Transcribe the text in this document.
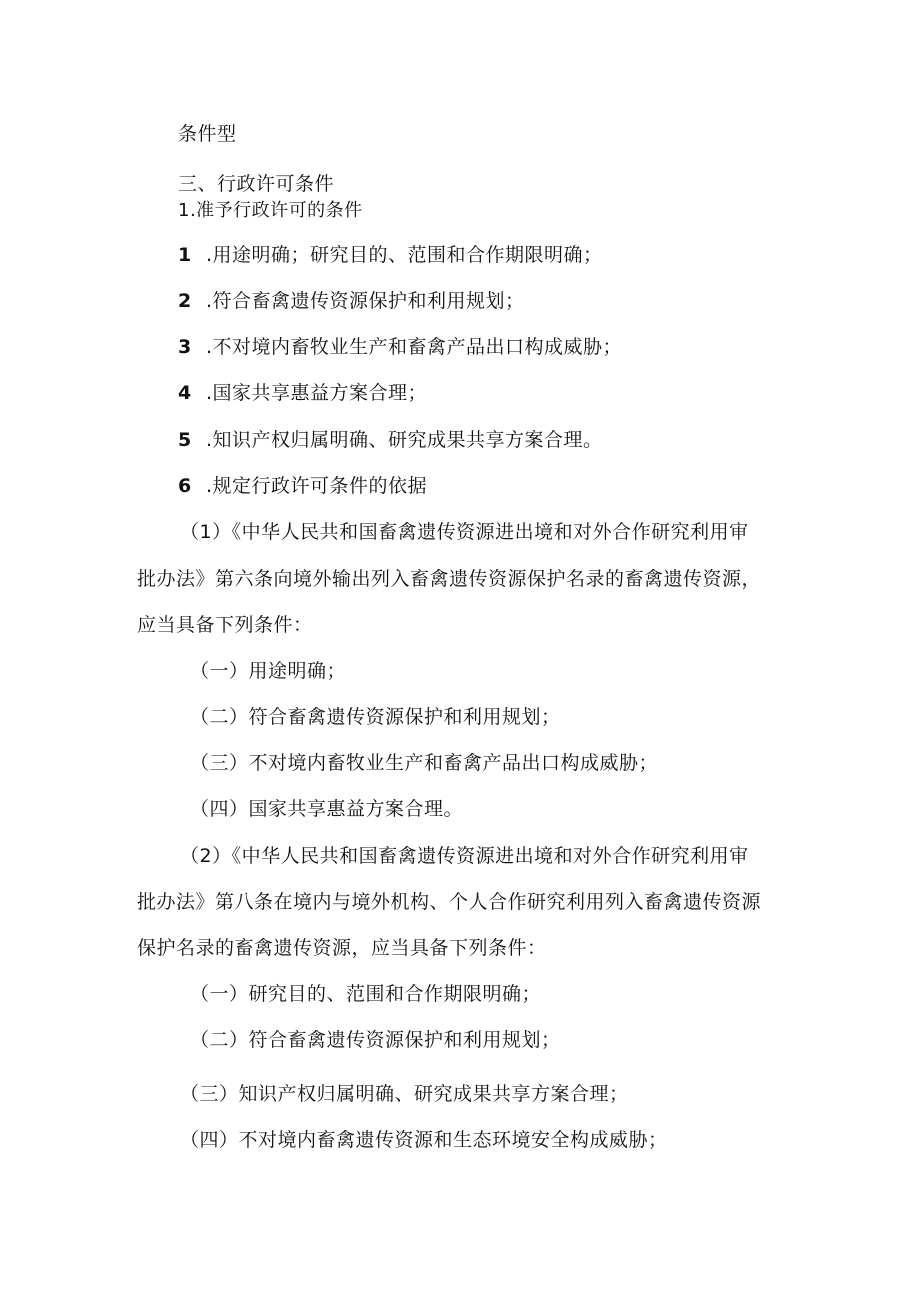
条件型
三、行政许可条件
1.准予行政许可的条件
1 .用途明确；研究目的、范围和合作期限明确；
2 .符合畜禽遗传资源保护和利用规划；
3 .不对境内畜牧业生产和畜禽产品出口构成威胁；
4 .国家共享惠益方案合理；
5 .知识产权归属明确、研究成果共享方案合理。
6 .规定行政许可条件的依据
（1）《中华人民共和国畜禽遗传资源进出境和对外合作研究利用审
批办法》第六条向境外输出列入畜禽遗传资源保护名录的畜禽遗传资源，
应当具备下列条件：
（一）用途明确；
（二）符合畜禽遗传资源保护和利用规划；
（三）不对境内畜牧业生产和畜禽产品出口构成威胁；
（四）国家共享惠益方案合理。
（2）《中华人民共和国畜禽遗传资源进出境和对外合作研究利用审
批办法》第八条在境内与境外机构、个人合作研究利用列入畜禽遗传资源
保护名录的畜禽遗传资源，应当具备下列条件：
（一）研究目的、范围和合作期限明确；
（二）符合畜禽遗传资源保护和利用规划；
（三）知识产权归属明确、研究成果共享方案合理；
（四）不对境内畜禽遗传资源和生态环境安全构成威胁；
